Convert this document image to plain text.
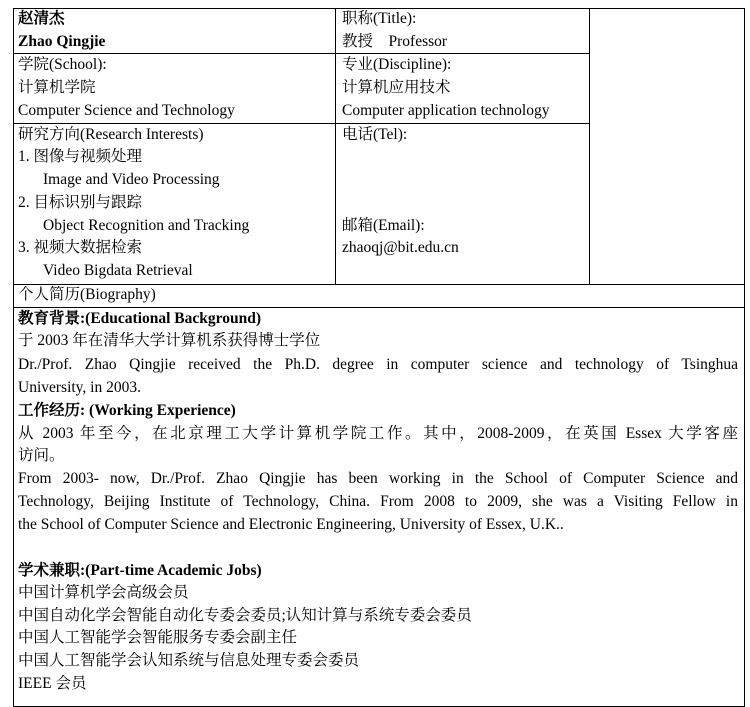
赵清杰
Zhao Qingjie
职称(Title):
教授　Professor
学院(School):
计算机学院
Computer Science and Technology
专业(Discipline):
计算机应用技术
Computer application technology
研究方向(Research Interests)
1. 图像与视频处理
Image and Video Processing
2. 目标识别与跟踪
Object Recognition and Tracking
3. 视频大数据检索
Video Bigdata Retrieval
电话(Tel):
邮箱(Email):
zhaoqj@bit.edu.cn
个人简历(Biography)
教育背景:(Educational Background)
于 2003 年在清华大学计算机系获得博士学位
Dr./Prof. Zhao Qingjie received the Ph.D. degree in computer science and technology of Tsinghua
University, in 2003.
工作经历: (Working Experience)
从 2003 年至今，在北京理工大学计算机学院工作。其中，2008-2009，在英国 Essex 大学客座
访问。
From 2003- now, Dr./Prof. Zhao Qingjie has been working in the School of Computer Science and
Technology, Beijing Institute of Technology, China. From 2008 to 2009, she was a Visiting Fellow in
the School of Computer Science and Electronic Engineering, University of Essex, U.K..
学术兼职:(Part-time Academic Jobs)
中国计算机学会高级会员
中国自动化学会智能自动化专委会委员;认知计算与系统专委会委员
中国人工智能学会智能服务专委会副主任
中国人工智能学会认知系统与信息处理专委会委员
IEEE 会员
